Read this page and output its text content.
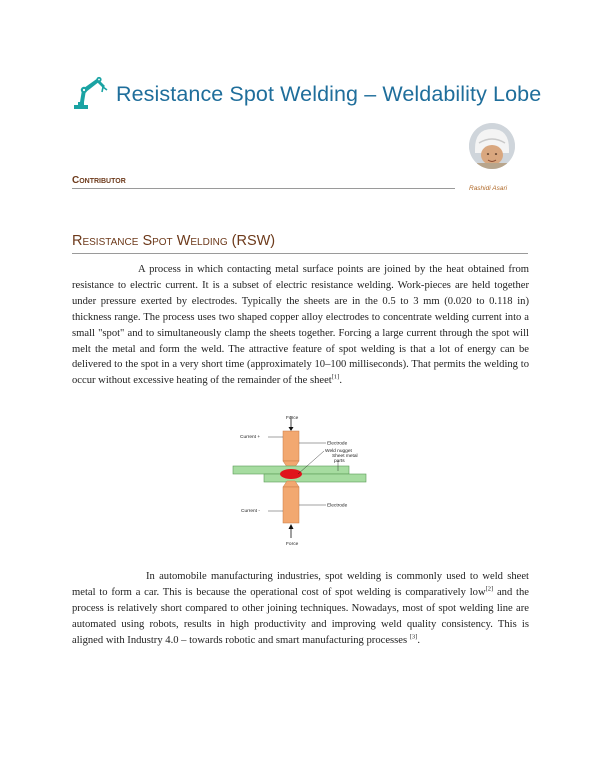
Resistance Spot Welding – Weldability Lobe
Rashidi Asari
Contributor
Resistance Spot Welding (RSW)

A process in which contacting metal surface points are joined by the heat obtained from resistance to electric current. It is a subset of electric resistance welding. Work-pieces are held together under pressure exerted by electrodes. Typically the sheets are in the 0.5 to 3 mm (0.020 to 0.118 in) thickness range. The process uses two shaped copper alloy electrodes to concentrate welding current into a small "spot" and to simultaneously clamp the sheets together. Forcing a large current through the spot will melt the metal and form the weld. The attractive feature of spot welding is that a lot of energy can be delivered to the spot in a very short time (approximately 10–100 milliseconds). That permits the welding to occur without excessive heating of the remainder of the sheet[1].

Force
Current +
Electrode
Weld nugget
Sheet metal
parts
Current -
Electrode
Force

In automobile manufacturing industries, spot welding is commonly used to weld sheet metal to form a car. This is because the operational cost of spot welding is comparatively low[2] and the process is relatively short compared to other joining techniques. Nowadays, most of spot welding line are automated using robots, results in high productivity and improving weld quality consistency. This is aligned with Industry 4.0 – towards robotic and smart manufacturing processes [3].
